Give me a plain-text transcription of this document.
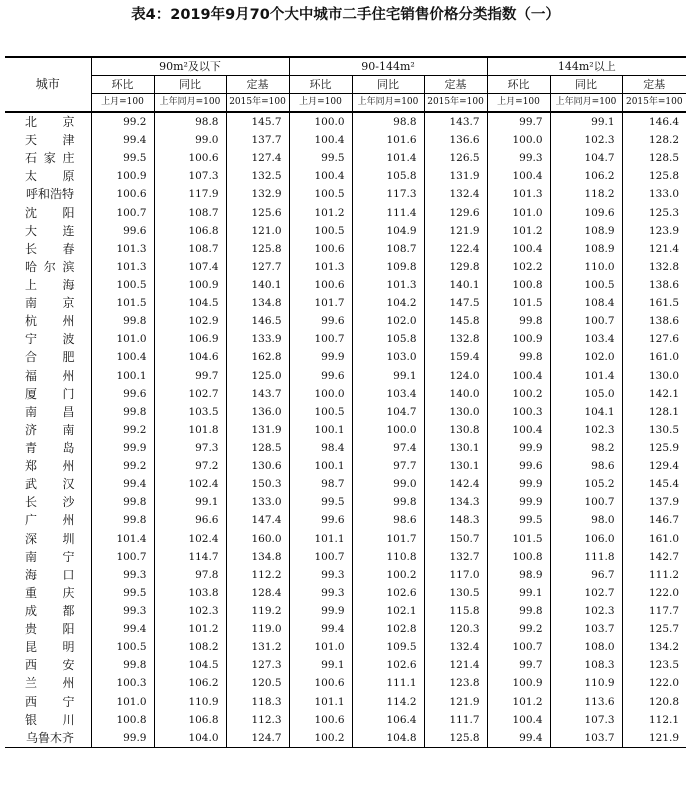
表4：2019年9月70个大中城市二手住宅销售价格分类指数（一）
城市	90m²及以下			90-144m²			144m²以上		
	环比	同比	定基	环比	同比	定基	环比	同比	定基
	上月=100	上年同月=100	2015年=100	上月=100	上年同月=100	2015年=100	上月=100	上年同月=100	2015年=100
北京	99.2	98.8	145.7	100.0	98.8	143.7	99.7	99.1	146.4
天津	99.4	99.0	137.7	100.4	101.6	136.6	100.0	102.3	128.2
石家庄	99.5	100.6	127.4	99.5	101.4	126.5	99.3	104.7	128.5
太原	100.9	107.3	132.5	100.4	105.8	131.9	100.4	106.2	125.8
呼和浩特	100.6	117.9	132.9	100.5	117.3	132.4	101.3	118.2	133.0
沈阳	100.7	108.7	125.6	101.2	111.4	129.6	101.0	109.6	125.3
大连	99.6	106.8	121.0	100.5	104.9	121.9	101.2	108.9	123.9
长春	101.3	108.7	125.8	100.6	108.7	122.4	100.4	108.9	121.4
哈尔滨	101.3	107.4	127.7	101.3	109.8	129.8	102.2	110.0	132.8
上海	100.5	100.9	140.1	100.6	101.3	140.1	100.8	100.5	138.6
南京	101.5	104.5	134.8	101.7	104.2	147.5	101.5	108.4	161.5
杭州	99.8	102.9	146.5	99.6	102.0	145.8	99.8	100.7	138.6
宁波	101.0	106.9	133.9	100.7	105.8	132.8	100.9	103.4	127.6
合肥	100.4	104.6	162.8	99.9	103.0	159.4	99.8	102.0	161.0
福州	100.1	99.7	125.0	99.6	99.1	124.0	100.4	101.4	130.0
厦门	99.6	102.7	143.7	100.0	103.4	140.0	100.2	105.0	142.1
南昌	99.8	103.5	136.0	100.5	104.7	130.0	100.3	104.1	128.1
济南	99.2	101.8	131.9	100.1	100.0	130.8	100.4	102.3	130.5
青岛	99.9	97.3	128.5	98.4	97.4	130.1	99.9	98.2	125.9
郑州	99.2	97.2	130.6	100.1	97.7	130.1	99.6	98.6	129.4
武汉	99.4	102.4	150.3	98.7	99.0	142.4	99.9	105.2	145.4
长沙	99.8	99.1	133.0	99.5	99.8	134.3	99.9	100.7	137.9
广州	99.8	96.6	147.4	99.6	98.6	148.3	99.5	98.0	146.7
深圳	101.4	102.4	160.0	101.1	101.7	150.7	101.5	106.0	161.0
南宁	100.7	114.7	134.8	100.7	110.8	132.7	100.8	111.8	142.7
海口	99.3	97.8	112.2	99.3	100.2	117.0	98.9	96.7	111.2
重庆	99.5	103.8	128.4	99.3	102.6	130.5	99.1	102.7	122.0
成都	99.3	102.3	119.2	99.9	102.1	115.8	99.8	102.3	117.7
贵阳	99.4	101.2	119.0	99.4	102.8	120.3	99.2	103.7	125.7
昆明	100.5	108.2	131.2	101.0	109.5	132.4	100.7	108.0	134.2
西安	99.8	104.5	127.3	99.1	102.6	121.4	99.7	108.3	123.5
兰州	100.3	106.2	120.5	100.6	111.1	123.8	100.9	110.9	122.0
西宁	101.0	110.9	118.3	101.1	114.2	121.9	101.2	113.6	120.8
银川	100.8	106.8	112.3	100.6	106.4	111.7	100.4	107.3	112.1
乌鲁木齐	99.9	104.0	124.7	100.2	104.8	125.8	99.4	103.7	121.9
